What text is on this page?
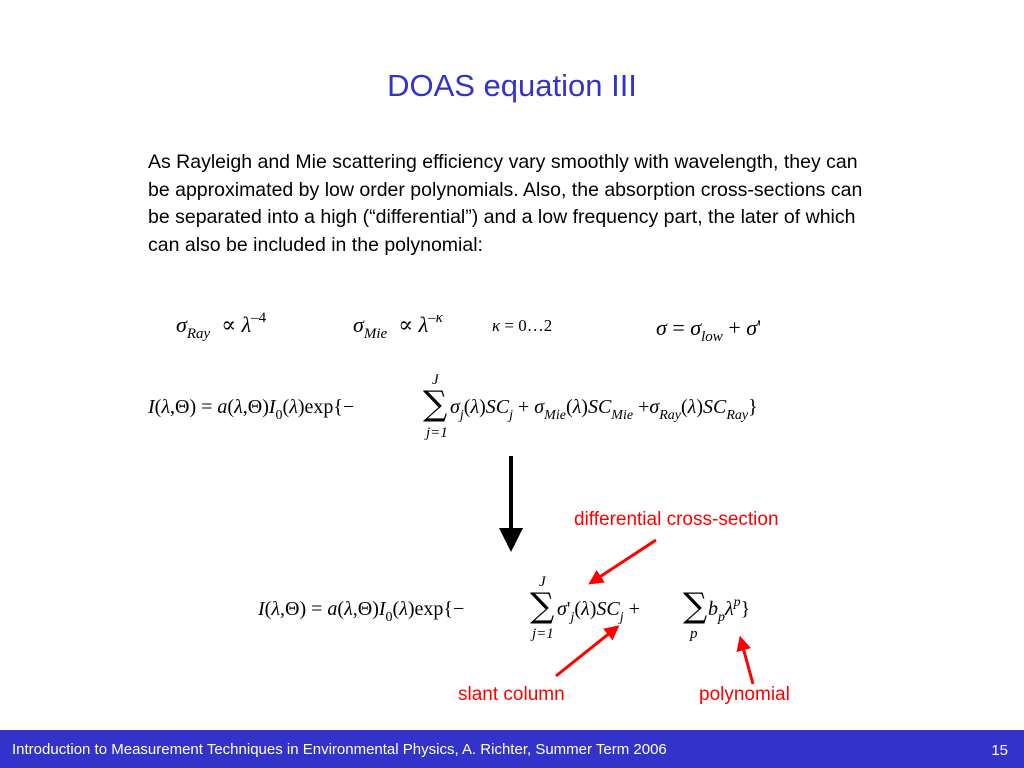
DOAS equation III
As Rayleigh and Mie scattering efficiency vary smoothly with wavelength, they can be approximated by low order polynomials. Also, the absorption cross-sections can be separated into a high (“differential”) and a low frequency part, the later of which can also be included in the polynomial:
$\sigma_{Ray} \propto \lambda^{-4}$	$\sigma_{Mie} \propto \lambda^{-\kappa}$	κ = 0…2	$\sigma = \sigma_{low} + \sigma'$
$I(\lambda,\Theta) = a(\lambda,\Theta)I_0(\lambda)\exp\{-$ ∑
J
j=1
$\sigma_j(\lambda)SC_j + \sigma_{Mie}(\lambda)SC_{Mie} +\sigma_{Ray}(\lambda)SC_{Ray}$}
$I(\lambda,\Theta) = a(\lambda,\Theta)I_0(\lambda)\exp\{-$ ∑
J
j=1
$\sigma'_j(\lambda)SC_j$ + ∑
p
$b_p\lambda^p$}
differential cross-section
slant column	polynomial
Introduction to Measurement Techniques in Environmental Physics, A. Richter, Summer Term 2006	15
